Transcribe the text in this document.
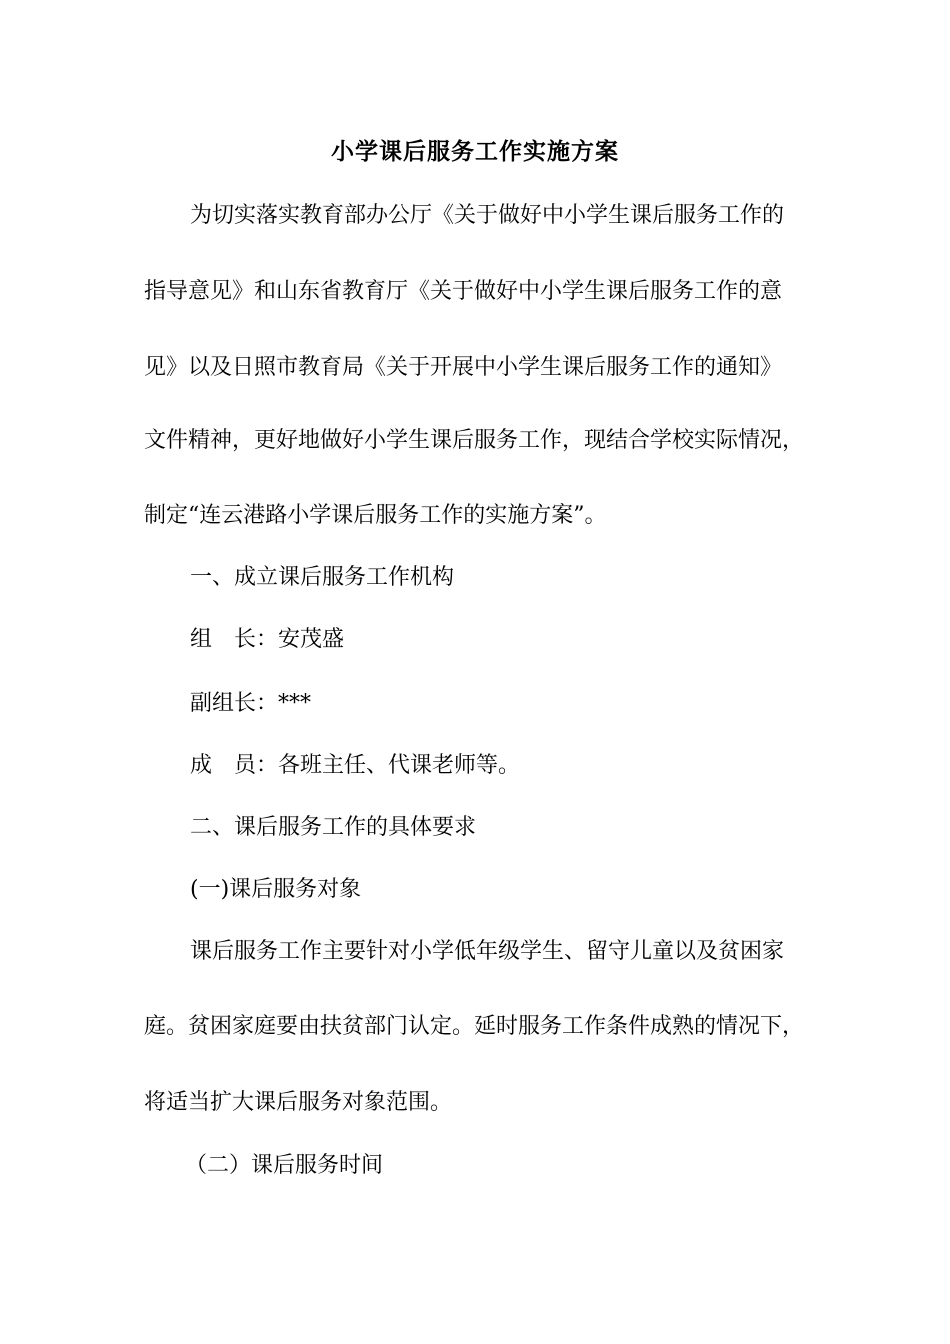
小学课后服务工作实施方案
为切实落实教育部办公厅《关于做好中小学生课后服务工作的
指导意见》和山东省教育厅《关于做好中小学生课后服务工作的意
见》以及日照市教育局《关于开展中小学生课后服务工作的通知》
文件精神，更好地做好小学生课后服务工作，现结合学校实际情况，
制定“连云港路小学课后服务工作的实施方案”。
一、成立课后服务工作机构
组　长：安茂盛
副组长：***
成　员：各班主任、代课老师等。
二、课后服务工作的具体要求
(一)课后服务对象
课后服务工作主要针对小学低年级学生、留守儿童以及贫困家
庭。贫困家庭要由扶贫部门认定。延时服务工作条件成熟的情况下，
将适当扩大课后服务对象范围。
（二）课后服务时间
